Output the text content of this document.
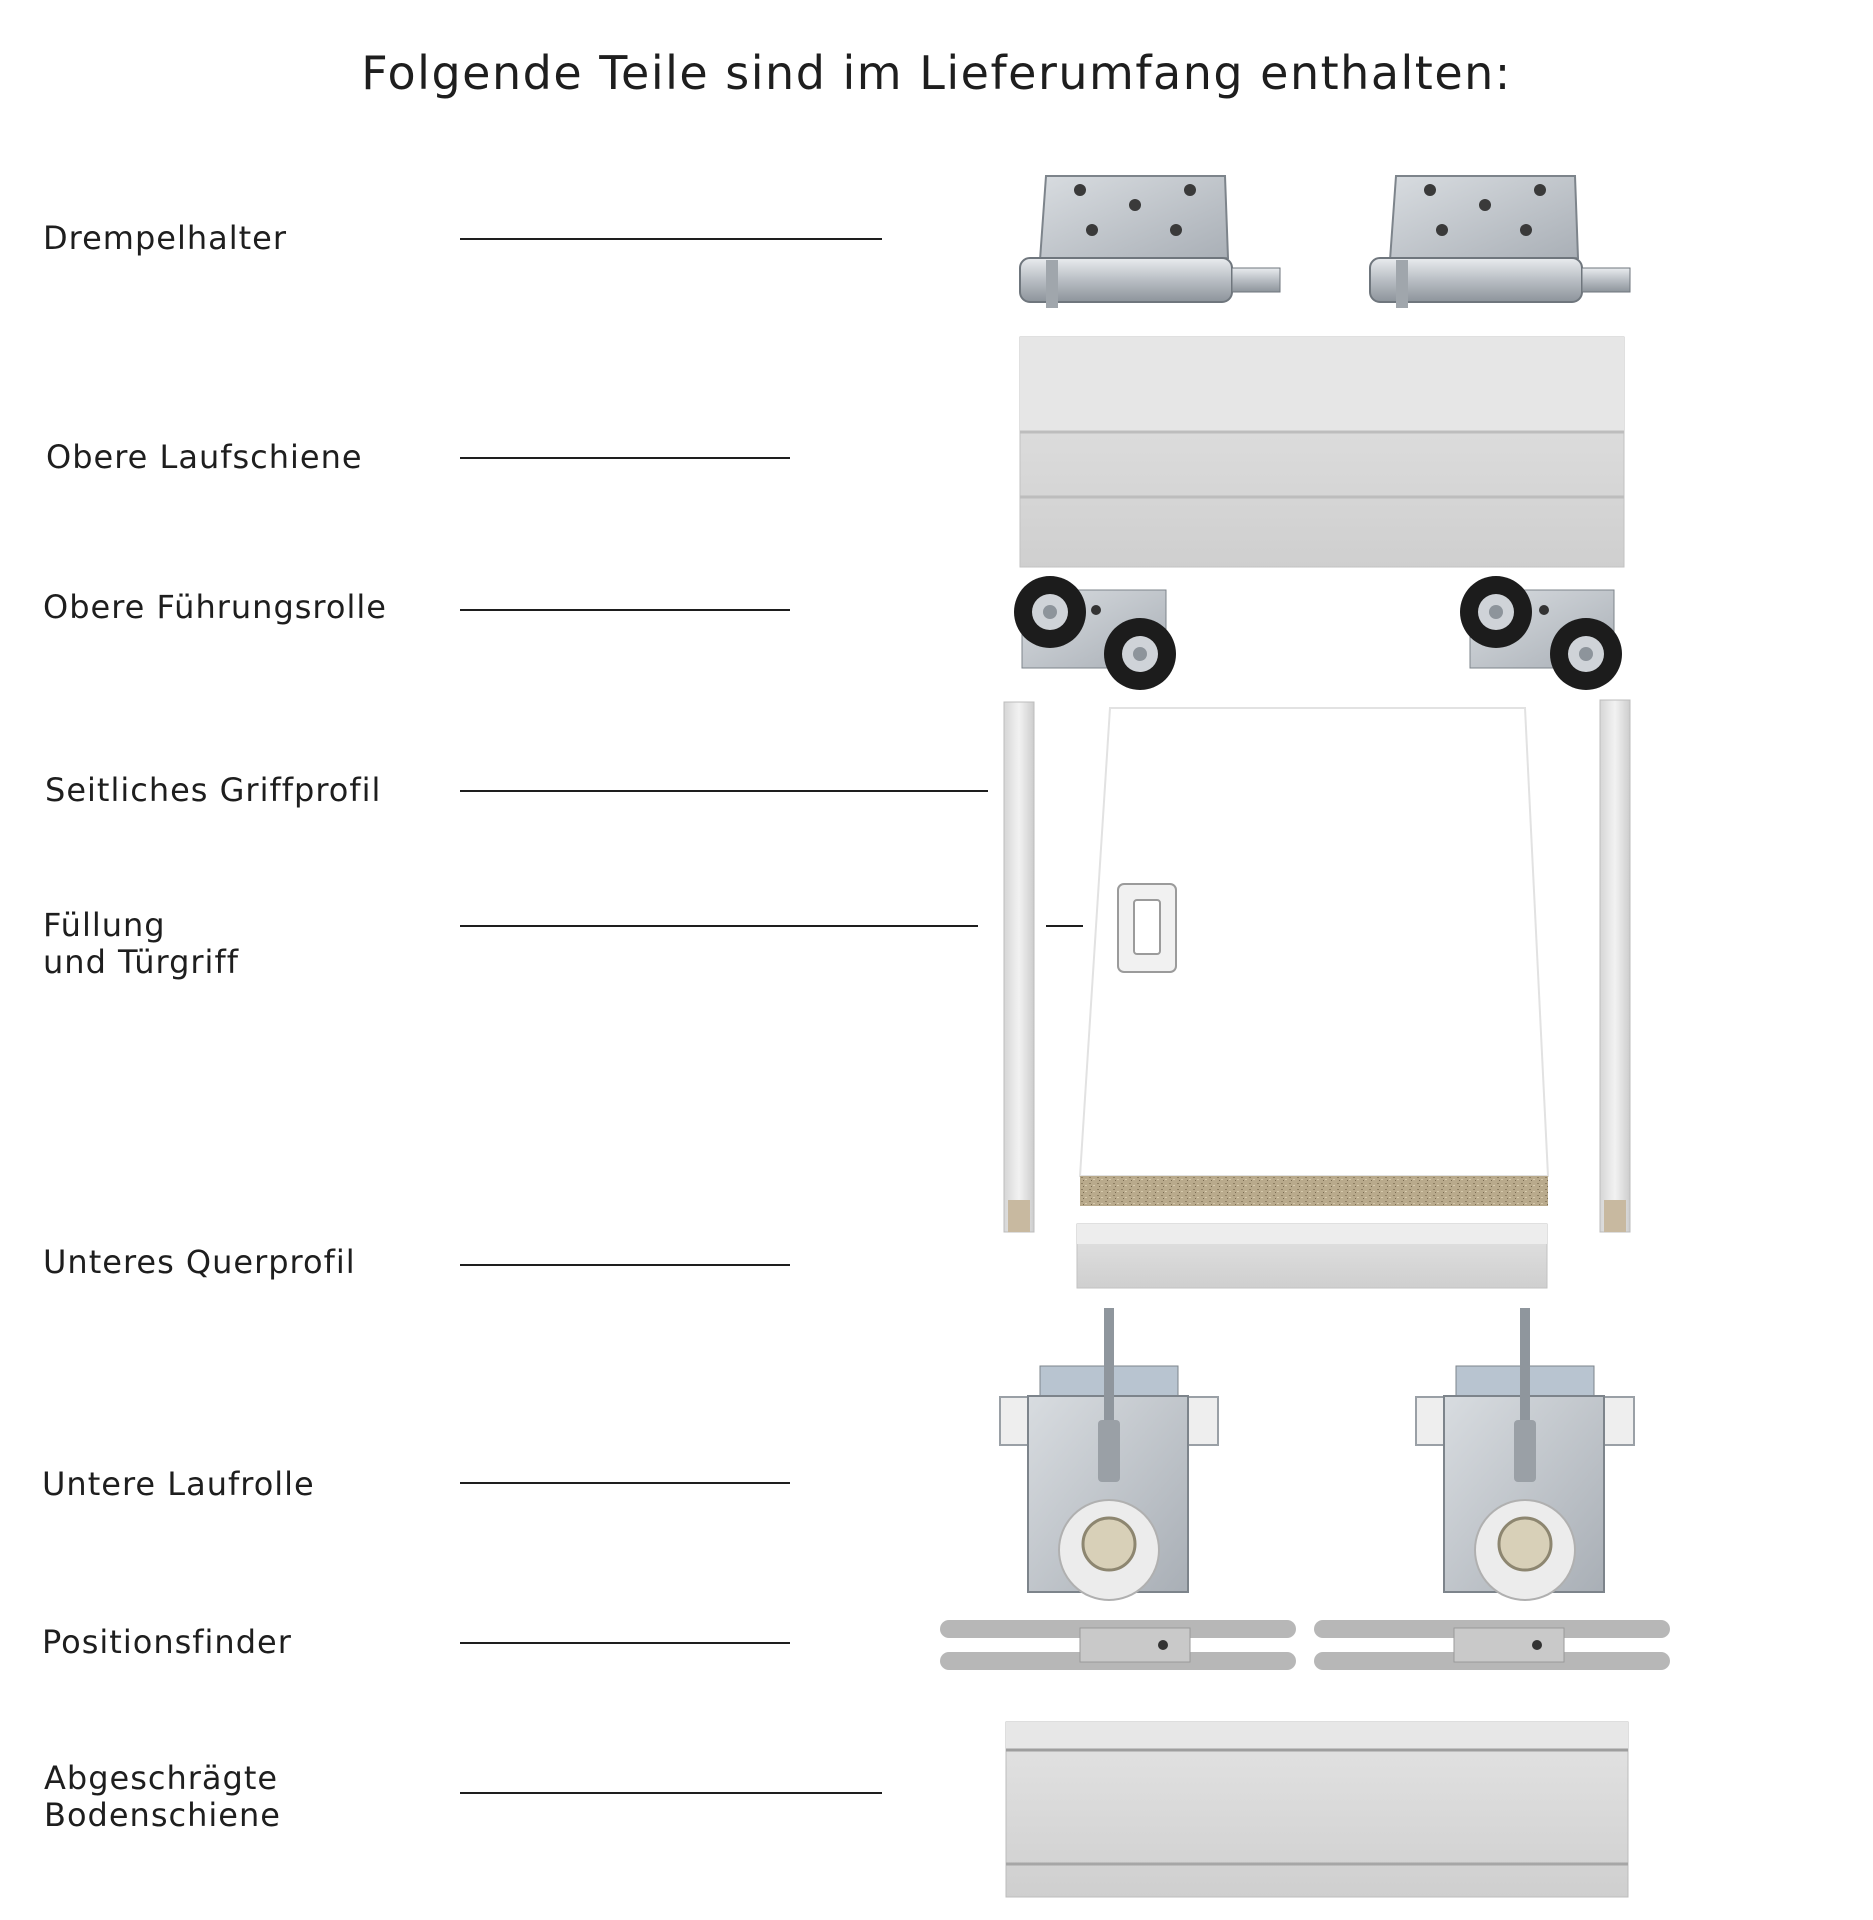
Folgende Teile sind im Lieferumfang enthalten:
Drempelhalter
Obere Laufschiene
Obere Führungsrolle
Seitliches Griffprofil
Füllung
und Türgriff
Unteres Querprofil
Untere Laufrolle
Positionsfinder
Abgeschrägte
Bodenschiene
